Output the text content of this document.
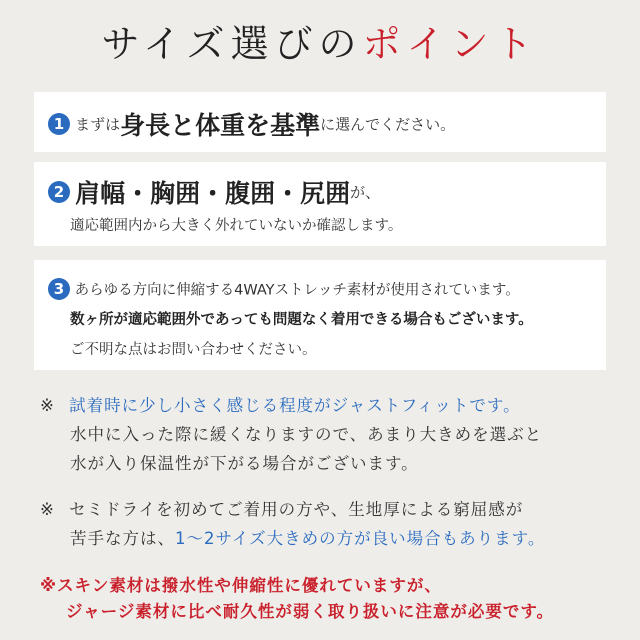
サイズ選びのポイント
1 まずは身長と体重を基準に選んでください。
2 肩幅・胸囲・腹囲・尻囲が、
適応範囲内から大きく外れていないか確認します。
3 あらゆる方向に伸縮する4WAYストレッチ素材が使用されています。
数ヶ所が適応範囲外であっても問題なく着用できる場合もございます。
ご不明な点はお問い合わせください。
※ 試着時に少し小さく感じる程度がジャストフィットです。
水中に入った際に緩くなりますので、あまり大きめを選ぶと
水が入り保温性が下がる場合がございます。
※ セミドライを初めてご着用の方や、生地厚による窮屈感が
苦手な方は、1〜2サイズ大きめの方が良い場合もあります。
※スキン素材は撥水性や伸縮性に優れていますが、
ジャージ素材に比べ耐久性が弱く取り扱いに注意が必要です。
